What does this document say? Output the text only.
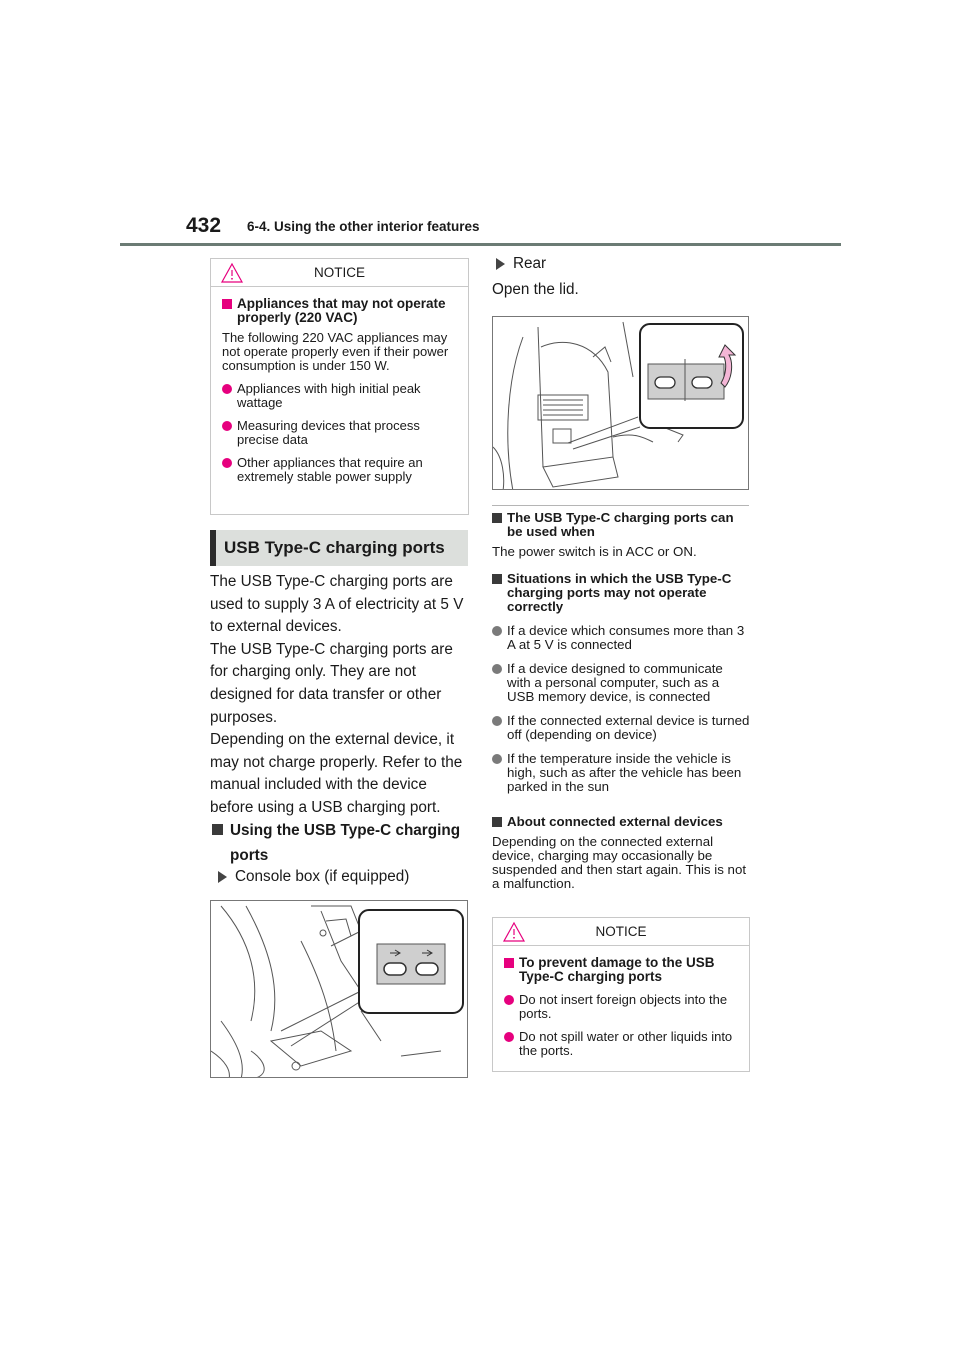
432 6-4. Using the other interior features
NOTICE
Appliances that may not operate properly (220 VAC)
The following 220 VAC appliances may not operate properly even if their power consumption is under 150 W.
Appliances with high initial peak wattage
Measuring devices that process precise data
Other appliances that require an extremely stable power supply
USB Type-C charging ports

The USB Type-C charging ports are used to supply 3 A of electricity at 5 V to external devices.

The USB Type-C charging ports are for charging only. They are not designed for data transfer or other purposes.

Depending on the external device, it may not charge properly. Refer to the manual included with the device before using a USB charging port.

Using the USB Type-C charging ports
Console box (if equipped)
Rear
Open the lid.
The USB Type-C charging ports can be used when
The power switch is in ACC or ON.
Situations in which the USB Type-C charging ports may not operate correctly
If a device which consumes more than 3 A at 5 V is connected
If a device designed to communicate with a personal computer, such as a USB memory device, is connected
If the connected external device is turned off (depending on device)
If the temperature inside the vehicle is high, such as after the vehicle has been parked in the sun
About connected external devices
Depending on the connected external device, charging may occasionally be suspended and then start again. This is not a malfunction.
NOTICE
To prevent damage to the USB Type-C charging ports
Do not insert foreign objects into the ports.
Do not spill water or other liquids into the ports.
